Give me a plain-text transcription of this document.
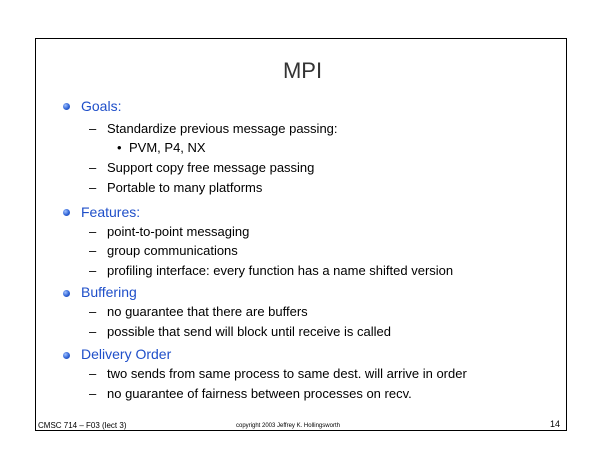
MPI
Goals:
– Standardize previous message passing:
• PVM, P4, NX
– Support copy free message passing
– Portable to many platforms
Features:
– point-to-point messaging
– group communications
– profiling interface: every function has a name shifted version
Buffering
– no guarantee that there are buffers
– possible that send will block until receive is called
Delivery Order
– two sends from same process to same dest. will arrive in order
– no guarantee of fairness between processes on recv.
CMSC 714 – F03 (lect 3)	copyright 2003 Jeffrey K. Hollingsworth	14
